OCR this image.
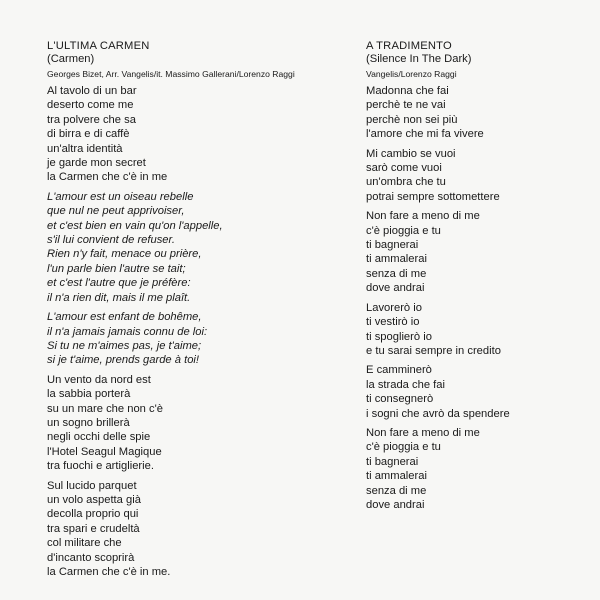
L'ULTIMA CARMEN
(Carmen)
Georges Bizet, Arr. Vangelis/it. Massimo Gallerani/Lorenzo Raggi
Al tavolo di un bar
deserto come me
tra polvere che sa
di birra e di caffè
un'altra identità
je garde mon secret
la Carmen che c'è in me
L'amour est un oiseau rebelle
que nul ne peut apprivoiser,
et c'est bien en vain qu'on l'appelle,
s'il lui convient de refuser.
Rien n'y fait, menace ou prière,
l'un parle bien l'autre se tait;
et c'est l'autre que je préfère:
il n'a rien dit, mais il me plaît.
L'amour est enfant de bohême,
il n'a jamais jamais connu de loi:
Si tu ne m'aimes pas, je t'aime;
si je t'aime, prends garde à toi!
Un vento da nord est
la sabbia porterà
su un mare che non c'è
un sogno brillerà
negli occhi delle spie
l'Hotel Seagul Magique
tra fuochi e artiglierie.
Sul lucido parquet
un volo aspetta già
decolla proprio qui
tra spari e crudeltà
col militare che
d'incanto scoprirà
la Carmen che c'è in me.
A TRADIMENTO
(Silence In The Dark)
Vangelis/Lorenzo Raggi
Madonna che fai
perchè te ne vai
perchè non sei più
l'amore che mi fa vivere
Mi cambio se vuoi
sarò come vuoi
un'ombra che tu
potrai sempre sottomettere
Non fare a meno di me
c'è pioggia e tu
ti bagnerai
ti ammalerai
senza di me
dove andrai
Lavorerò io
ti vestirò io
ti spoglierò io
e tu sarai sempre in credito
E camminerò
la strada che fai
ti consegnerò
i sogni che avrò da spendere
Non fare a meno di me
c'è pioggia e tu
ti bagnerai
ti ammalerai
senza di me
dove andrai
